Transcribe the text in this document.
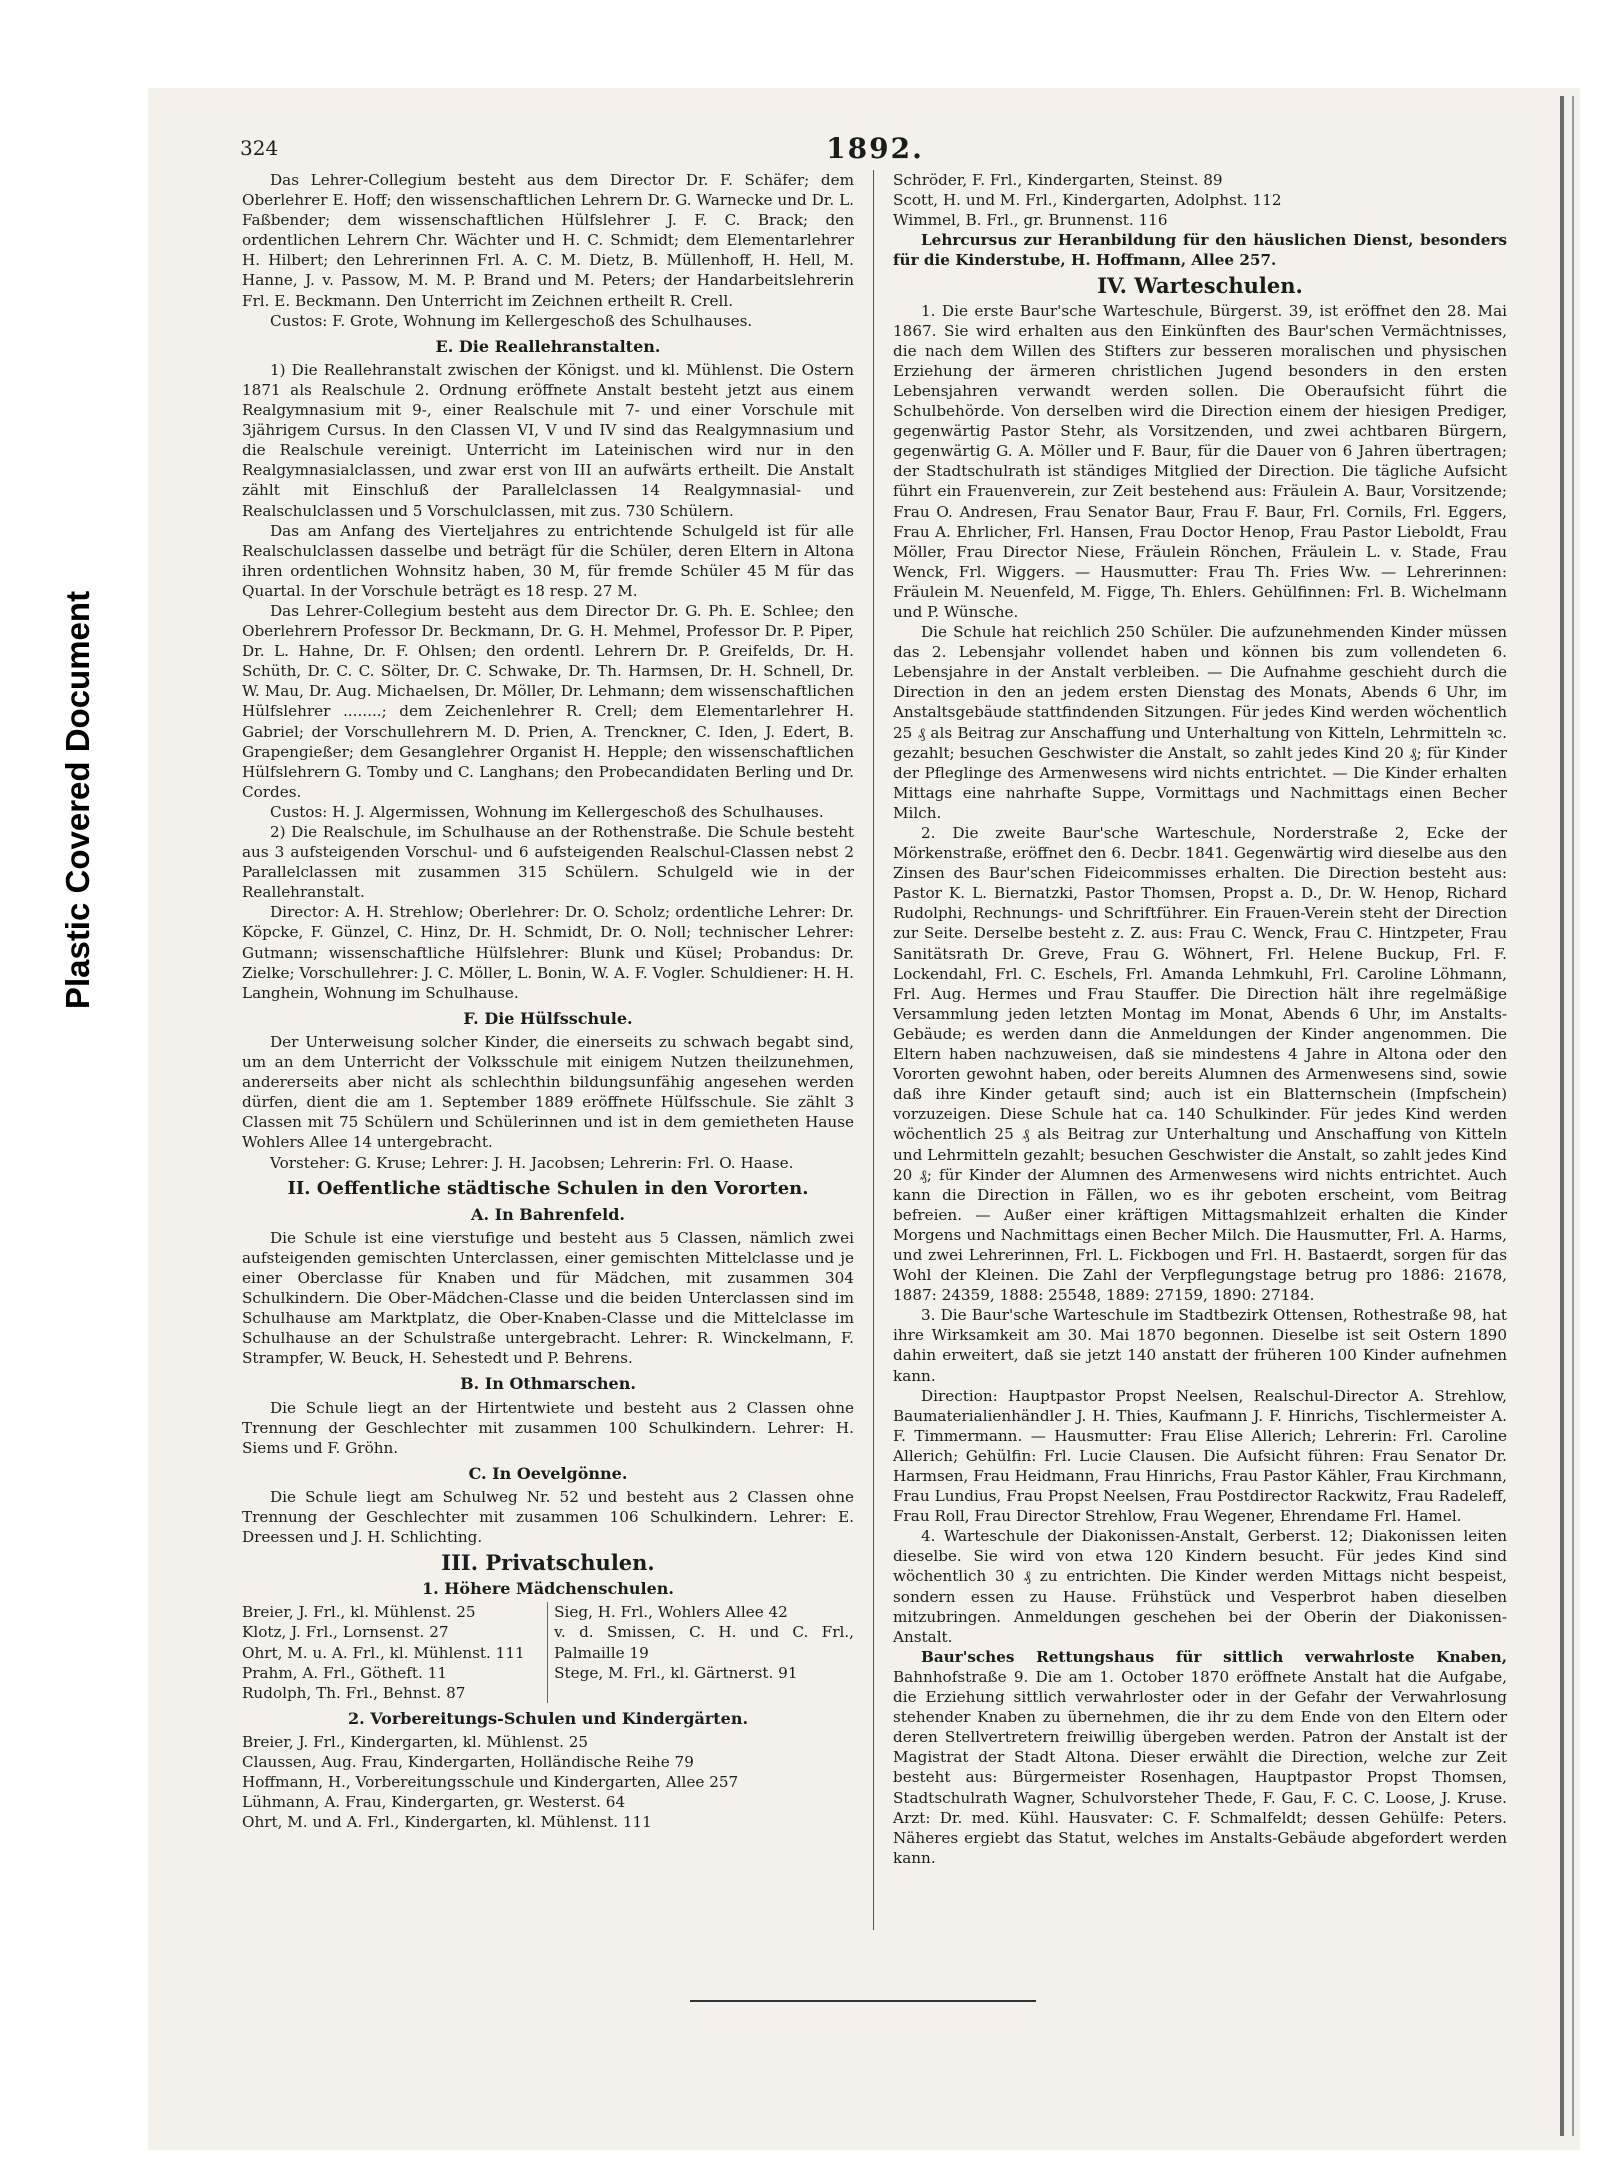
Plastic Covered Document
324	1892.

Das Lehrer-Collegium besteht aus dem Director Dr. F. Schäfer; dem Oberlehrer E. Hoff; den wissenschaftlichen Lehrern Dr. G. Warnecke und Dr. L. Faßbender; dem wissenschaftlichen Hülfslehrer J. F. C. Brack; den ordentlichen Lehrern Chr. Wächter und H. C. Schmidt; dem Elementarlehrer H. Hilbert; den Lehrerinnen Frl. A. C. M. Dietz, B. Müllenhoff, H. Hell, M. Hanne, J. v. Passow, M. M. P. Brand und M. Peters; der Handarbeitslehrerin Frl. E. Beckmann. Den Unterricht im Zeichnen ertheilt R. Crell.

Custos: F. Grote, Wohnung im Kellergeschoß des Schulhauses.

E. Die Reallehranstalten.

1) Die Reallehranstalt zwischen der Königst. und kl. Mühlenst. Die Ostern 1871 als Realschule 2. Ordnung eröffnete Anstalt besteht jetzt aus einem Realgymnasium mit 9-, einer Realschule mit 7- und einer Vorschule mit 3jährigem Cursus. In den Classen VI, V und IV sind das Realgymnasium und die Realschule vereinigt. Unterricht im Lateinischen wird nur in den Realgymnasialclassen, und zwar erst von III an aufwärts ertheilt. Die Anstalt zählt mit Einschluß der Parallelclassen 14 Realgymnasial- und Realschulclassen und 5 Vorschulclassen, mit zus. 730 Schülern.

Das am Anfang des Vierteljahres zu entrichtende Schulgeld ist für alle Realschulclassen dasselbe und beträgt für die Schüler, deren Eltern in Altona ihren ordentlichen Wohnsitz haben, 30 M, für fremde Schüler 45 M für das Quartal. In der Vorschule beträgt es 18 resp. 27 M.

Das Lehrer-Collegium besteht aus dem Director Dr. G. Ph. E. Schlee; den Oberlehrern Professor Dr. Beckmann, Dr. G. H. Mehmel, Professor Dr. P. Piper, Dr. L. Hahne, Dr. F. Ohlsen; den ordentl. Lehrern Dr. P. Greifelds, Dr. H. Schüth, Dr. C. C. Sölter, Dr. C. Schwake, Dr. Th. Harmsen, Dr. H. Schnell, Dr. W. Mau, Dr. Aug. Michaelsen, Dr. Möller, Dr. Lehmann; dem wissenschaftlichen Hülfslehrer ........; dem Zeichenlehrer R. Crell; dem Elementarlehrer H. Gabriel; der Vorschullehrern M. D. Prien, A. Trenckner, C. Iden, J. Edert, B. Grapengießer; dem Gesanglehrer Organist H. Hepple; den wissenschaftlichen Hülfslehrern G. Tomby und C. Langhans; den Probecandidaten Berling und Dr. Cordes.

Custos: H. J. Algermissen, Wohnung im Kellergeschoß des Schulhauses.

2) Die Realschule, im Schulhause an der Rothenstraße. Die Schule besteht aus 3 aufsteigenden Vorschul- und 6 aufsteigenden Realschul-Classen nebst 2 Parallelclassen mit zusammen 315 Schülern. Schulgeld wie in der Reallehranstalt.

Director: A. H. Strehlow; Oberlehrer: Dr. O. Scholz; ordentliche Lehrer: Dr. Köpcke, F. Günzel, C. Hinz, Dr. H. Schmidt, Dr. O. Noll; technischer Lehrer: Gutmann; wissenschaftliche Hülfslehrer: Blunk und Küsel; Probandus: Dr. Zielke; Vorschullehrer: J. C. Möller, L. Bonin, W. A. F. Vogler. Schuldiener: H. H. Langhein, Wohnung im Schulhause.

F. Die Hülfsschule.

Der Unterweisung solcher Kinder, die einerseits zu schwach begabt sind, um an dem Unterricht der Volksschule mit einigem Nutzen theilzunehmen, andererseits aber nicht als schlechthin bildungsunfähig angesehen werden dürfen, dient die am 1. September 1889 eröffnete Hülfsschule. Sie zählt 3 Classen mit 75 Schülern und Schülerinnen und ist in dem gemietheten Hause Wohlers Allee 14 untergebracht.

Vorsteher: G. Kruse; Lehrer: J. H. Jacobsen; Lehrerin: Frl. O. Haase.

II. Oeffentliche städtische Schulen in den Vororten.
A. In Bahrenfeld.

Die Schule ist eine vierstufige und besteht aus 5 Classen, nämlich zwei aufsteigenden gemischten Unterclassen, einer gemischten Mittelclasse und je einer Oberclasse für Knaben und für Mädchen, mit zusammen 304 Schulkindern. Die Ober-Mädchen-Classe und die beiden Unterclassen sind im Schulhause am Marktplatz, die Ober-Knaben-Classe und die Mittelclasse im Schulhause an der Schulstraße untergebracht. Lehrer: R. Winckelmann, F. Strampfer, W. Beuck, H. Sehestedt und P. Behrens.

B. In Othmarschen.

Die Schule liegt an der Hirtentwiete und besteht aus 2 Classen ohne Trennung der Geschlechter mit zusammen 100 Schulkindern. Lehrer: H. Siems und F. Gröhn.

C. In Oevelgönne.

Die Schule liegt am Schulweg Nr. 52 und besteht aus 2 Classen ohne Trennung der Geschlechter mit zusammen 106 Schulkindern. Lehrer: E. Dreessen und J. H. Schlichting.

III. Privatschulen.
1. Höhere Mädchenschulen.

Breier, J. Frl., kl. Mühlenst. 25

Klotz, J. Frl., Lornsenst. 27

Ohrt, M. u. A. Frl., kl. Mühlenst. 111

Prahm, A. Frl., Götheft. 11

Rudolph, Th. Frl., Behnst. 87

Sieg, H. Frl., Wohlers Allee 42

v. d. Smissen, C. H. und C. Frl., Palmaille 19

Stege, M. Frl., kl. Gärtnerst. 91

2. Vorbereitungs-Schulen und Kindergärten.

Breier, J. Frl., Kindergarten, kl. Mühlenst. 25

Claussen, Aug. Frau, Kindergarten, Holländische Reihe 79

Hoffmann, H., Vorbereitungsschule und Kindergarten, Allee 257

Lühmann, A. Frau, Kindergarten, gr. Westerst. 64

Ohrt, M. und A. Frl., Kindergarten, kl. Mühlenst. 111

Schröder, F. Frl., Kindergarten, Steinst. 89

Scott, H. und M. Frl., Kindergarten, Adolphst. 112

Wimmel, B. Frl., gr. Brunnenst. 116

Lehrcursus zur Heranbildung für den häuslichen Dienst, besonders für die Kinderstube, H. Hoffmann, Allee 257.

IV. Warteschulen.

1. Die erste Baur'sche Warteschule, Bürgerst. 39, ist eröffnet den 28. Mai 1867. Sie wird erhalten aus den Einkünften des Baur'schen Vermächtnisses, die nach dem Willen des Stifters zur besseren moralischen und physischen Erziehung der ärmeren christlichen Jugend besonders in den ersten Lebensjahren verwandt werden sollen. Die Oberaufsicht führt die Schulbehörde. Von derselben wird die Direction einem der hiesigen Prediger, gegenwärtig Pastor Stehr, als Vorsitzenden, und zwei achtbaren Bürgern, gegenwärtig G. A. Möller und F. Baur, für die Dauer von 6 Jahren übertragen; der Stadtschulrath ist ständiges Mitglied der Direction. Die tägliche Aufsicht führt ein Frauenverein, zur Zeit bestehend aus: Fräulein A. Baur, Vorsitzende; Frau O. Andresen, Frau Senator Baur, Frau F. Baur, Frl. Cornils, Frl. Eggers, Frau A. Ehrlicher, Frl. Hansen, Frau Doctor Henop, Frau Pastor Lieboldt, Frau Möller, Frau Director Niese, Fräulein Rönchen, Fräulein L. v. Stade, Frau Wenck, Frl. Wiggers. — Hausmutter: Frau Th. Fries Ww. — Lehrerinnen: Fräulein M. Neuenfeld, M. Figge, Th. Ehlers. Gehülfinnen: Frl. B. Wichelmann und P. Wünsche.

Die Schule hat reichlich 250 Schüler. Die aufzunehmenden Kinder müssen das 2. Lebensjahr vollendet haben und können bis zum vollendeten 6. Lebensjahre in der Anstalt verbleiben. — Die Aufnahme geschieht durch die Direction in den an jedem ersten Dienstag des Monats, Abends 6 Uhr, im Anstaltsgebäude stattfindenden Sitzungen. Für jedes Kind werden wöchentlich 25 ₰ als Beitrag zur Anschaffung und Unterhaltung von Kitteln, Lehrmitteln ꝛc. gezahlt; besuchen Geschwister die Anstalt, so zahlt jedes Kind 20 ₰; für Kinder der Pfleglinge des Armenwesens wird nichts entrichtet. — Die Kinder erhalten Mittags eine nahrhafte Suppe, Vormittags und Nachmittags einen Becher Milch.

2. Die zweite Baur'sche Warteschule, Norderstraße 2, Ecke der Mörkenstraße, eröffnet den 6. Decbr. 1841. Gegenwärtig wird dieselbe aus den Zinsen des Baur'schen Fideicommisses erhalten. Die Direction besteht aus: Pastor K. L. Biernatzki, Pastor Thomsen, Propst a. D., Dr. W. Henop, Richard Rudolphi, Rechnungs- und Schriftführer. Ein Frauen-Verein steht der Direction zur Seite. Derselbe besteht z. Z. aus: Frau C. Wenck, Frau C. Hintzpeter, Frau Sanitätsrath Dr. Greve, Frau G. Wöhnert, Frl. Helene Buckup, Frl. F. Lockendahl, Frl. C. Eschels, Frl. Amanda Lehmkuhl, Frl. Caroline Löhmann, Frl. Aug. Hermes und Frau Stauffer. Die Direction hält ihre regelmäßige Versammlung jeden letzten Montag im Monat, Abends 6 Uhr, im Anstalts-Gebäude; es werden dann die Anmeldungen der Kinder angenommen. Die Eltern haben nachzuweisen, daß sie mindestens 4 Jahre in Altona oder den Vororten gewohnt haben, oder bereits Alumnen des Armenwesens sind, sowie daß ihre Kinder getauft sind; auch ist ein Blatternschein (Impfschein) vorzuzeigen. Diese Schule hat ca. 140 Schulkinder. Für jedes Kind werden wöchentlich 25 ₰ als Beitrag zur Unterhaltung und Anschaffung von Kitteln und Lehrmitteln gezahlt; besuchen Geschwister die Anstalt, so zahlt jedes Kind 20 ₰; für Kinder der Alumnen des Armenwesens wird nichts entrichtet. Auch kann die Direction in Fällen, wo es ihr geboten erscheint, vom Beitrag befreien. — Außer einer kräftigen Mittagsmahlzeit erhalten die Kinder Morgens und Nachmittags einen Becher Milch. Die Hausmutter, Frl. A. Harms, und zwei Lehrerinnen, Frl. L. Fickbogen und Frl. H. Bastaerdt, sorgen für das Wohl der Kleinen. Die Zahl der Verpflegungstage betrug pro 1886: 21678, 1887: 24359, 1888: 25548, 1889: 27159, 1890: 27184.

3. Die Baur'sche Warteschule im Stadtbezirk Ottensen, Rothestraße 98, hat ihre Wirksamkeit am 30. Mai 1870 begonnen. Dieselbe ist seit Ostern 1890 dahin erweitert, daß sie jetzt 140 anstatt der früheren 100 Kinder aufnehmen kann.

Direction: Hauptpastor Propst Neelsen, Realschul-Director A. Strehlow, Baumaterialienhändler J. H. Thies, Kaufmann J. F. Hinrichs, Tischlermeister A. F. Timmermann. — Hausmutter: Frau Elise Allerich; Lehrerin: Frl. Caroline Allerich; Gehülfin: Frl. Lucie Clausen. Die Aufsicht führen: Frau Senator Dr. Harmsen, Frau Heidmann, Frau Hinrichs, Frau Pastor Kähler, Frau Kirchmann, Frau Lundius, Frau Propst Neelsen, Frau Postdirector Rackwitz, Frau Radeleff, Frau Roll, Frau Director Strehlow, Frau Wegener, Ehrendame Frl. Hamel.

4. Warteschule der Diakonissen-Anstalt, Gerberst. 12; Diakonissen leiten dieselbe. Sie wird von etwa 120 Kindern besucht. Für jedes Kind sind wöchentlich 30 ₰ zu entrichten. Die Kinder werden Mittags nicht bespeist, sondern essen zu Hause. Frühstück und Vesperbrot haben dieselben mitzubringen. Anmeldungen geschehen bei der Oberin der Diakonissen-Anstalt.

Baur'sches Rettungshaus für sittlich verwahrloste Knaben, Bahnhofstraße 9. Die am 1. October 1870 eröffnete Anstalt hat die Aufgabe, die Erziehung sittlich verwahrloster oder in der Gefahr der Verwahrlosung stehender Knaben zu übernehmen, die ihr zu dem Ende von den Eltern oder deren Stellvertretern freiwillig übergeben werden. Patron der Anstalt ist der Magistrat der Stadt Altona. Dieser erwählt die Direction, welche zur Zeit besteht aus: Bürgermeister Rosenhagen, Hauptpastor Propst Thomsen, Stadtschulrath Wagner, Schulvorsteher Thede, F. Gau, F. C. C. Loose, J. Kruse. Arzt: Dr. med. Kühl. Hausvater: C. F. Schmalfeldt; dessen Gehülfe: Peters. Näheres ergiebt das Statut, welches im Anstalts-Gebäude abgefordert werden kann.
